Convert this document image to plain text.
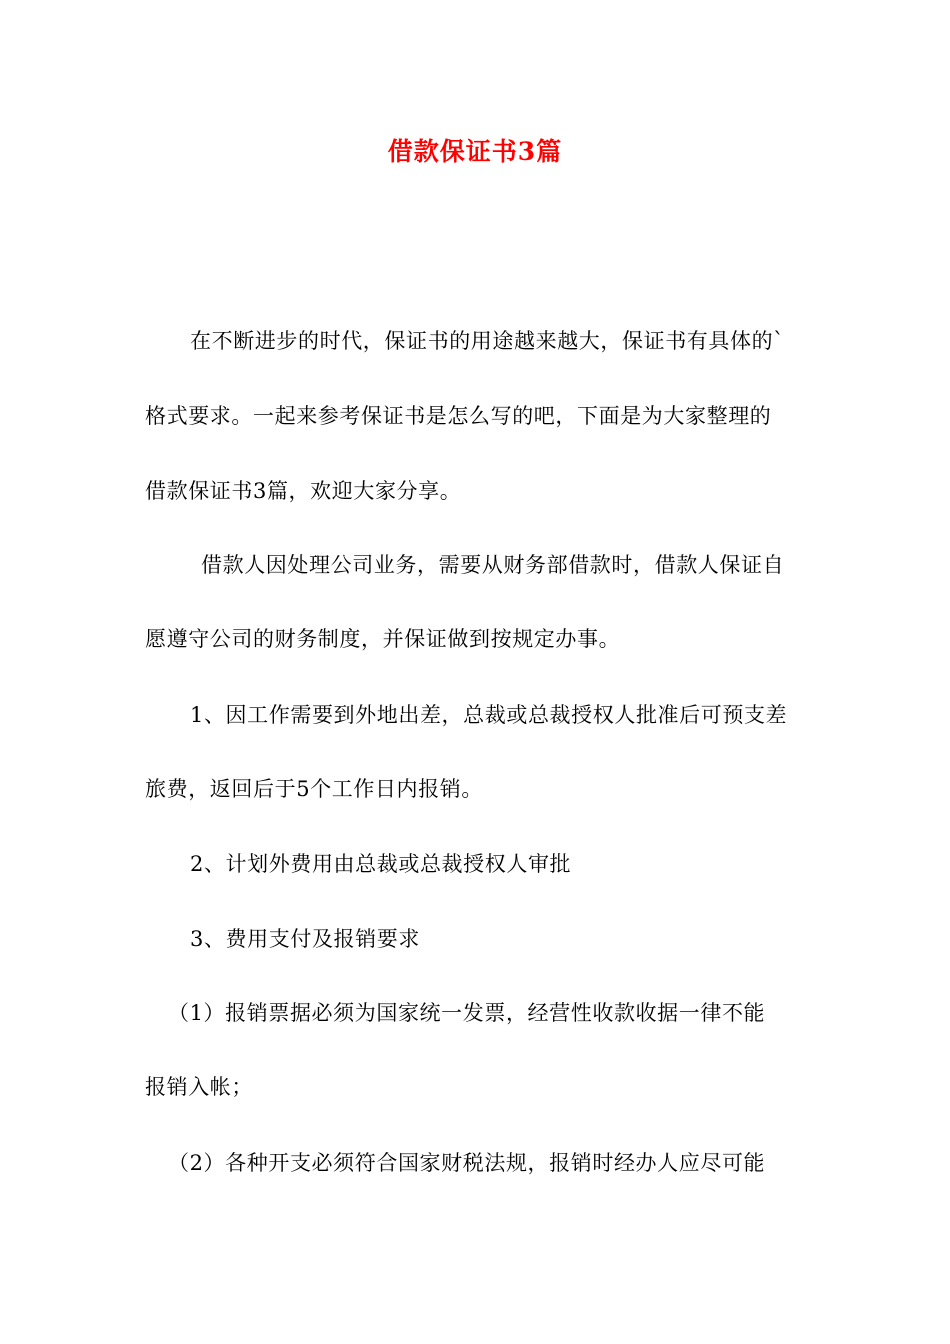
借款保证书3篇
在不断进步的时代，保证书的用途越来越大，保证书有具体的`
格式要求。一起来参考保证书是怎么写的吧，下面是为大家整理的
借款保证书3篇，欢迎大家分享。
借款人因处理公司业务，需要从财务部借款时，借款人保证自
愿遵守公司的财务制度，并保证做到按规定办事。
1、因工作需要到外地出差，总裁或总裁授权人批准后可预支差
旅费，返回后于5个工作日内报销。
2、计划外费用由总裁或总裁授权人审批
3、费用支付及报销要求
（1）报销票据必须为国家统一发票，经营性收款收据一律不能
报销入帐；
（2）各种开支必须符合国家财税法规，报销时经办人应尽可能
